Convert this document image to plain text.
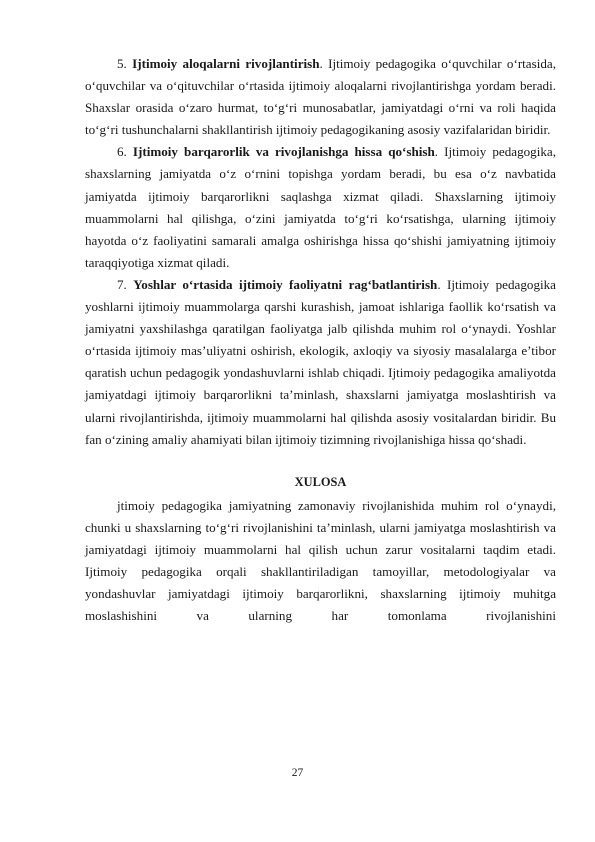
5. Ijtimoiy aloqalarni rivojlantirish. Ijtimoiy pedagogika o‘quvchilar o‘rtasida, o‘quvchilar va o‘qituvchilar o‘rtasida ijtimoiy aloqalarni rivojlantirishga yordam beradi. Shaxslar orasida o‘zaro hurmat, to‘g‘ri munosabatlar, jamiyatdagi o‘rni va roli haqida to‘g‘ri tushunchalarni shakllantirish ijtimoiy pedagogikaning asosiy vazifalaridan biridir.

6. Ijtimoiy barqarorlik va rivojlanishga hissa qo‘shish. Ijtimoiy pedagogika, shaxslarning jamiyatda o‘z o‘rnini topishga yordam beradi, bu esa o‘z navbatida jamiyatda ijtimoiy barqarorlikni saqlashga xizmat qiladi. Shaxslarning ijtimoiy muammolarni hal qilishga, o‘zini jamiyatda to‘g‘ri ko‘rsatishga, ularning ijtimoiy hayotda o‘z faoliyatini samarali amalga oshirishga hissa qo‘shishi jamiyatning ijtimoiy taraqqiyotiga xizmat qiladi.

7. Yoshlar o‘rtasida ijtimoiy faoliyatni rag‘batlantirish. Ijtimoiy pedagogika yoshlarni ijtimoiy muammolarga qarshi kurashish, jamoat ishlariga faollik ko‘rsatish va jamiyatni yaxshilashga qaratilgan faoliyatga jalb qilishda muhim rol o‘ynaydi. Yoshlar o‘rtasida ijtimoiy mas’uliyatni oshirish, ekologik, axloqiy va siyosiy masalalarga e’tibor qaratish uchun pedagogik yondashuvlarni ishlab chiqadi. Ijtimoiy pedagogika amaliyotda jamiyatdagi ijtimoiy barqarorlikni ta’minlash, shaxslarni jamiyatga moslashtirish va ularni rivojlantirishda, ijtimoiy muammolarni hal qilishda asosiy vositalardan biridir. Bu fan o‘zining amaliy ahamiyati bilan ijtimoiy tizimning rivojlanishiga hissa qo‘shadi.

XULOSA

jtimoiy pedagogika jamiyatning zamonaviy rivojlanishida muhim rol o‘ynaydi, chunki u shaxslarning to‘g‘ri rivojlanishini ta’minlash, ularni jamiyatga moslashtirish va jamiyatdagi ijtimoiy muammolarni hal qilish uchun zarur vositalarni taqdim etadi. Ijtimoiy pedagogika orqali shakllantiriladigan tamoyillar, metodologiyalar va yondashuvlar jamiyatdagi ijtimoiy barqarorlikni, shaxslarning ijtimoiy muhitga moslashishini va ularning har tomonlama rivojlanishini

27
